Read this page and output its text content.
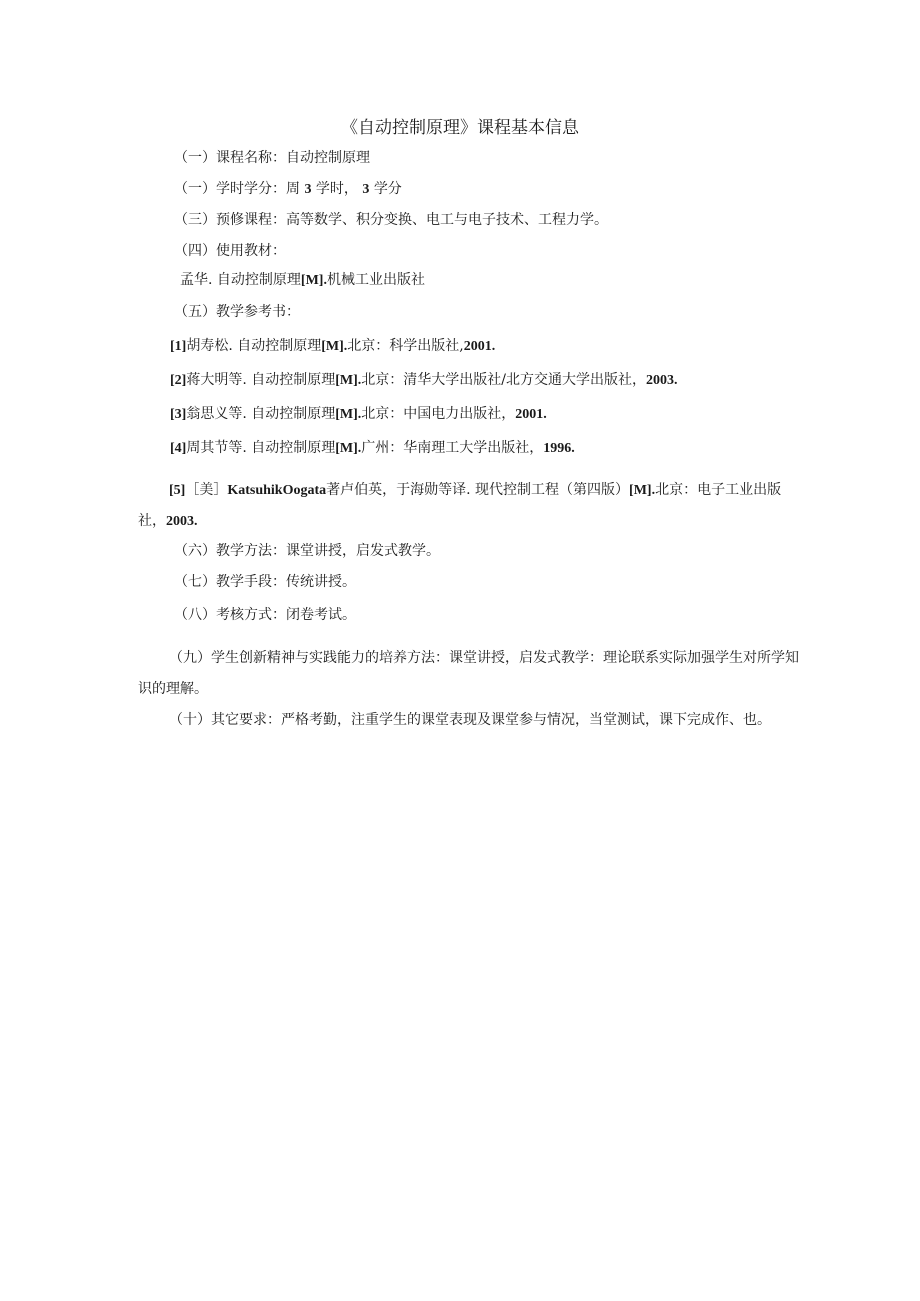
《自动控制原理》课程基本信息
（一）课程名称：自动控制原理
（一）学时学分：周 3 学时， 3 学分
（三）预修课程：高等数学、积分变换、电工与电子技术、工程力学。
（四）使用教材：
孟华. 自动控制原理[M].机械工业出版社
（五）教学参考书：
[1]胡寿松. 自动控制原理[M].北京：科学出版社,2001.
[2]蒋大明等. 自动控制原理[M].北京：清华大学出版社/北方交通大学出版社，2003.
[3]翁思义等. 自动控制原理[M].北京：中国电力出版社，2001.
[4]周其节等. 自动控制原理[M].广州：华南理工大学出版社，1996.
[5]［美］KatsuhikOogata著卢伯英，于海勋等译. 现代控制工程（第四版）[M].北京：电子工业出版社，2003.
（六）教学方法：课堂讲授，启发式教学。
（七）教学手段：传统讲授。
（八）考核方式：闭卷考试。
（九）学生创新精神与实践能力的培养方法：课堂讲授，启发式教学：理论联系实际加强学生对所学知识的理解。
（十）其它要求：严格考勤，注重学生的课堂表现及课堂参与情况，当堂测试，课下完成作、也。
